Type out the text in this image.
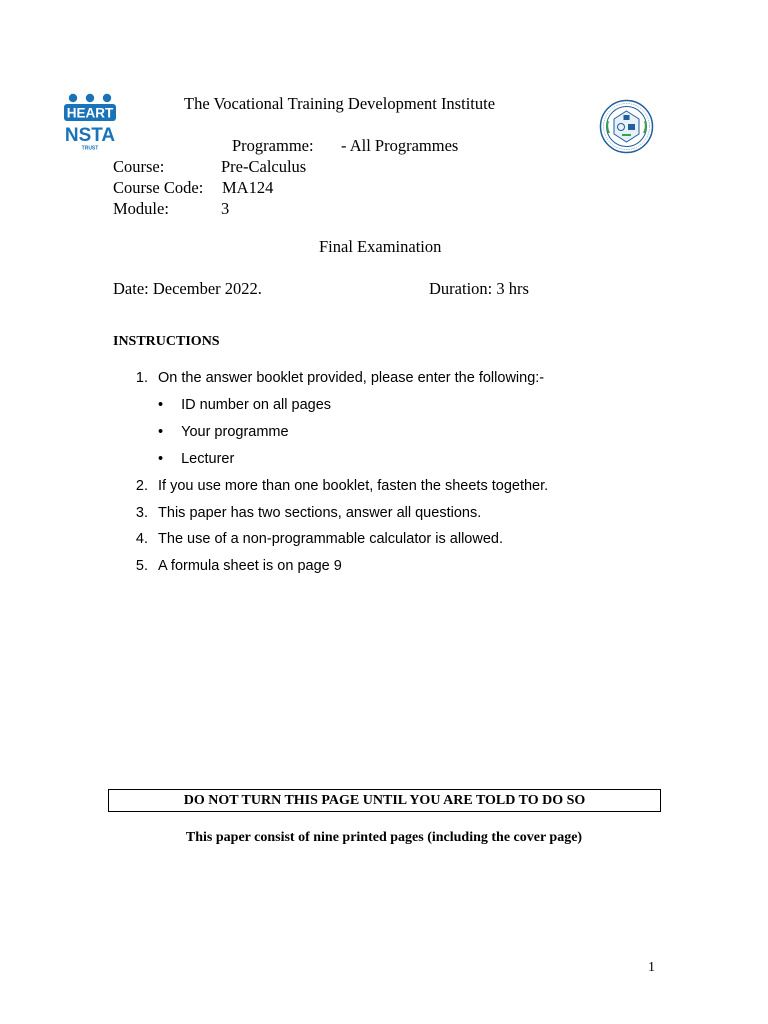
HEART
NSTA
TRUST
The Vocational Training Development Institute
Programme: - All Programmes
Course:	Pre-Calculus
Course Code: MA124
Module:	3
Final Examination
Date: December 2022.	Duration: 3 hrs
INSTRUCTIONS
1. On the answer booklet provided, please enter the following:-
• ID number on all pages
• Your programme
• Lecturer
2. If you use more than one booklet, fasten the sheets together.
3. This paper has two sections, answer all questions.
4. The use of a non-programmable calculator is allowed.
5. A formula sheet is on page 9
DO NOT TURN THIS PAGE UNTIL YOU ARE TOLD TO DO SO
This paper consist of nine printed pages (including the cover page)
1
